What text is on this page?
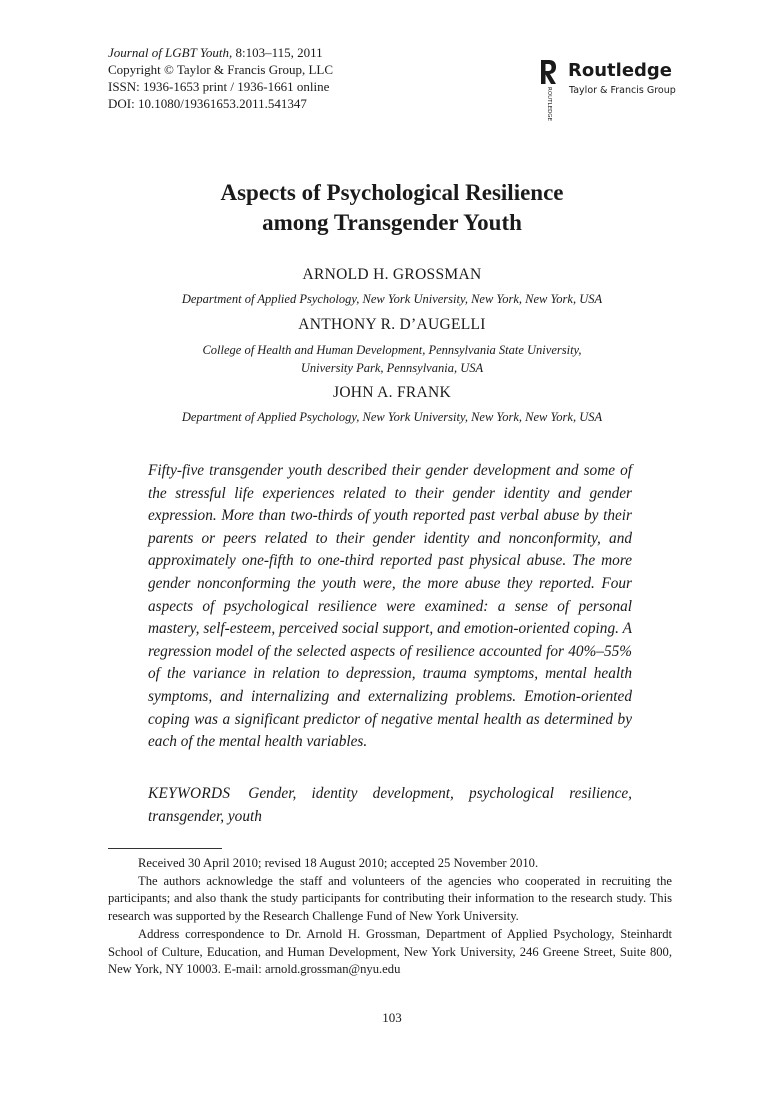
Journal of LGBT Youth, 8:103–115, 2011
Copyright © Taylor & Francis Group, LLC
ISSN: 1936-1653 print / 1936-1661 online
DOI: 10.1080/19361653.2011.541347	ROUTLEDGE
Routledge
Taylor & Francis Group
Aspects of Psychological Resilience
among Transgender Youth
ARNOLD H. GROSSMAN
Department of Applied Psychology, New York University, New York, New York, USA
ANTHONY R. D’AUGELLI
College of Health and Human Development, Pennsylvania State University,
University Park, Pennsylvania, USA
JOHN A. FRANK
Department of Applied Psychology, New York University, New York, New York, USA
Fifty-five transgender youth described their gender development and some of the stressful life experiences related to their gender identity and gender expression. More than two-thirds of youth reported past verbal abuse by their parents or peers related to their gender identity and nonconformity, and approximately one-fifth to one-third reported past physical abuse. The more gender nonconforming the youth were, the more abuse they reported. Four aspects of psychological resilience were examined: a sense of personal mastery, self-esteem, perceived social support, and emotion-oriented coping. A regression model of the selected aspects of resilience accounted for 40%–55% of the variance in relation to depression, trauma symptoms, mental health symptoms, and internalizing and externalizing problems. Emotion-oriented coping was a significant predictor of negative mental health as determined by each of the mental health variables.
KEYWORDS Gender, identity development, psychological resilience, transgender, youth

Received 30 April 2010; revised 18 August 2010; accepted 25 November 2010.

The authors acknowledge the staff and volunteers of the agencies who cooperated in recruiting the participants; and also thank the study participants for contributing their information to the research study. This research was supported by the Research Challenge Fund of New York University.

Address correspondence to Dr. Arnold H. Grossman, Department of Applied Psychology, Steinhardt School of Culture, Education, and Human Development, New York University, 246 Greene Street, Suite 800, New York, NY 10003. E-mail: arnold.grossman@nyu.edu

103
